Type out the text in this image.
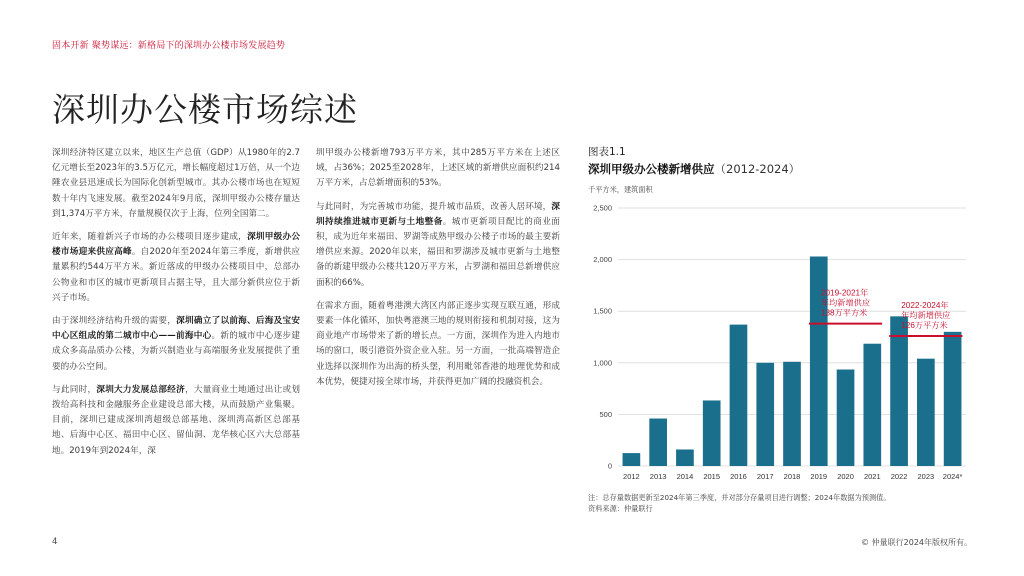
固本开新 聚势谋远：新格局下的深圳办公楼市场发展趋势
深圳办公楼市场综述

深圳经济特区建立以来，地区生产总值（GDP）从1980年的2.7亿元增长至2023年的3.5万亿元，增长幅度超过1万倍，从一个边陲农业县迅速成长为国际化创新型城市。其办公楼市场也在短短数十年内飞速发展。截至2024年9月底，深圳甲级办公楼存量达到1,374万平方米，存量规模仅次于上海，位列全国第二。

近年来，随着新兴子市场的办公楼项目逐步建成，深圳甲级办公楼市场迎来供应高峰。自2020年至2024年第三季度，新增供应量累积约544万平方米。新近落成的甲级办公楼项目中，总部办公物业和市区的城市更新项目占据主导，且大部分新供应位于新兴子市场。

由于深圳经济结构升级的需要，深圳确立了以前海、后海及宝安中心区组成的第二城市中心——前海中心。新的城市中心逐步建成众多高品质办公楼，为新兴制造业与高端服务业发展提供了重要的办公空间。

与此同时，深圳大力发展总部经济，大量商业土地通过出让或划拨给高科技和金融服务企业建设总部大楼，从而鼓励产业集聚。目前，深圳已建成深圳湾超级总部基地、深圳湾高新区总部基地、后海中心区、福田中心区、留仙洞、龙华核心区六大总部基地。2019年到2024年，深

圳甲级办公楼新增793万平方米，其中285万平方米在上述区域，占36%；2025至2028年，上述区域的新增供应面积约214万平方米，占总新增面积的53%。

与此同时，为完善城市功能，提升城市品质，改善人居环境，深圳持续推进城市更新与土地整备。城市更新项目配比的商业面积，成为近年来福田、罗湖等成熟甲级办公楼子市场的最主要新增供应来源。2020年以来，福田和罗湖涉及城市更新与土地整备的新建甲级办公楼共120万平方米，占罗湖和福田总新增供应面积的66%。

在需求方面，随着粤港澳大湾区内部正逐步实现互联互通，形成要素一体化循环，加快粤港澳三地的规则衔接和机制对接，这为商业地产市场带来了新的增长点。一方面，深圳作为进入内地市场的窗口，吸引港资外资企业入驻。另一方面，一批高端智造企业选择以深圳作为出海的桥头堡，利用毗邻香港的地理优势和成本优势，便捷对接全球市场，并获得更加广阔的投融资机会。

图表1.1
深圳甲级办公楼新增供应（2012-2024）
千平方米，建筑面积
0
500
1,000
1,500
2,000
2,500
2012 2013 2014 2015 2016 2017 2018 2019 2020 2021 2022 2023 2024*
2019-2021年
年均新增供应
138万平方米
2022-2024年
年均新增供应
126万平方米
注：总存量数据更新至2024年第三季度，并对部分存量项目进行调整；2024年数据为预测值。
资料来源：仲量联行
4	© 仲量联行2024年版权所有。
